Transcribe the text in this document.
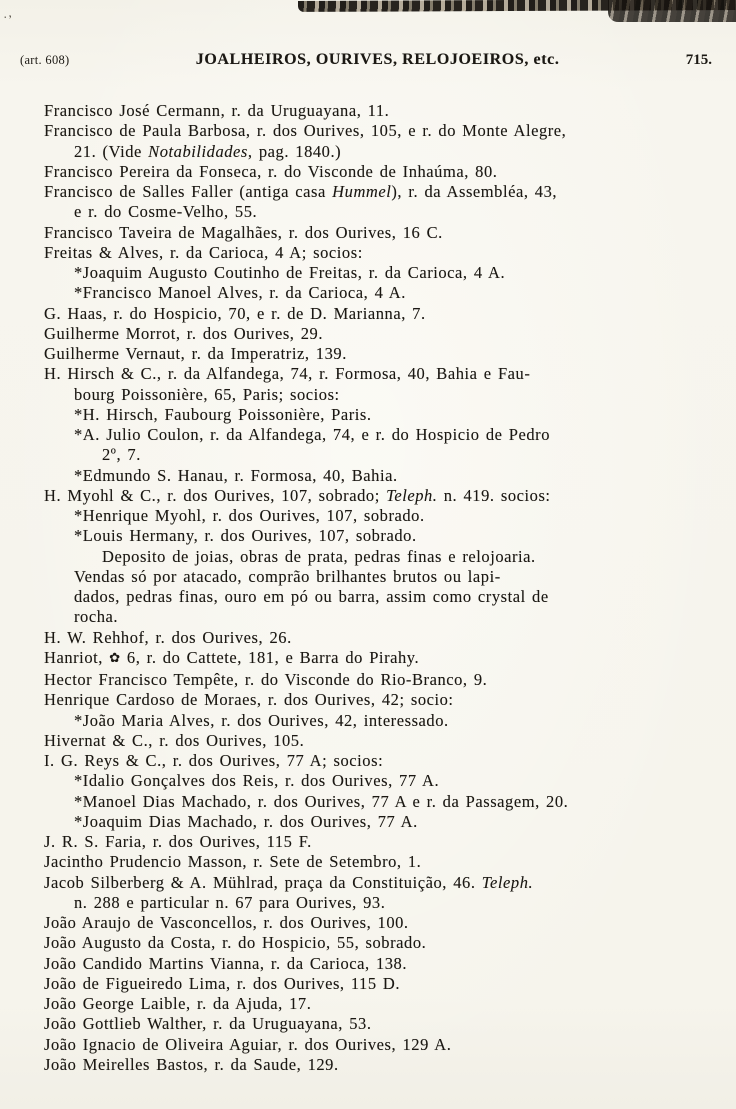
.,
(art. 608)	JOALHEIROS, OURIVES, RELOJOEIROS, etc.	715.
Francisco José Cermann, r. da Uruguayana, 11.
Francisco de Paula Barbosa, r. dos Ourives, 105, e r. do Monte Alegre,
21. (Vide Notabilidades, pag. 1840.)
Francisco Pereira da Fonseca, r. do Visconde de Inhaúma, 80.
Francisco de Salles Faller (antiga casa Hummel), r. da Assembléa, 43,
e r. do Cosme-Velho, 55.
Francisco Taveira de Magalhães, r. dos Ourives, 16 C.
Freitas & Alves, r. da Carioca, 4 A; socios:
*Joaquim Augusto Coutinho de Freitas, r. da Carioca, 4 A.
*Francisco Manoel Alves, r. da Carioca, 4 A.
G. Haas, r. do Hospicio, 70, e r. de D. Marianna, 7.
Guilherme Morrot, r. dos Ourives, 29.
Guilherme Vernaut, r. da Imperatriz, 139.
H. Hirsch & C., r. da Alfandega, 74, r. Formosa, 40, Bahia e Fau-
bourg Poissonière, 65, Paris; socios:
*H. Hirsch, Faubourg Poissonière, Paris.
*A. Julio Coulon, r. da Alfandega, 74, e r. do Hospicio de Pedro
2º, 7.
*Edmundo S. Hanau, r. Formosa, 40, Bahia.
H. Myohl & C., r. dos Ourives, 107, sobrado; Teleph. n. 419. socios:
*Henrique Myohl, r. dos Ourives, 107, sobrado.
*Louis Hermany, r. dos Ourives, 107, sobrado.
Deposito de joias, obras de prata, pedras finas e relojoaria.
Vendas só por atacado, comprão brilhantes brutos ou lapi-
dados, pedras finas, ouro em pó ou barra, assim como crystal de
rocha.
H. W. Rehhof, r. dos Ourives, 26.
Hanriot, ✿ 6, r. do Cattete, 181, e Barra do Pirahy.
Hector Francisco Tempête, r. do Visconde do Rio-Branco, 9.
Henrique Cardoso de Moraes, r. dos Ourives, 42; socio:
*João Maria Alves, r. dos Ourives, 42, interessado.
Hivernat & C., r. dos Ourives, 105.
I. G. Reys & C., r. dos Ourives, 77 A; socios:
*Idalio Gonçalves dos Reis, r. dos Ourives, 77 A.
*Manoel Dias Machado, r. dos Ourives, 77 A e r. da Passagem, 20.
*Joaquim Dias Machado, r. dos Ourives, 77 A.
J. R. S. Faria, r. dos Ourives, 115 F.
Jacintho Prudencio Masson, r. Sete de Setembro, 1.
Jacob Silberberg & A. Mühlrad, praça da Constituição, 46. Teleph.
n. 288 e particular n. 67 para Ourives, 93.
João Araujo de Vasconcellos, r. dos Ourives, 100.
João Augusto da Costa, r. do Hospicio, 55, sobrado.
João Candido Martins Vianna, r. da Carioca, 138.
João de Figueiredo Lima, r. dos Ourives, 115 D.
João George Laible, r. da Ajuda, 17.
João Gottlieb Walther, r. da Uruguayana, 53.
João Ignacio de Oliveira Aguiar, r. dos Ourives, 129 A.
João Meirelles Bastos, r. da Saude, 129.
